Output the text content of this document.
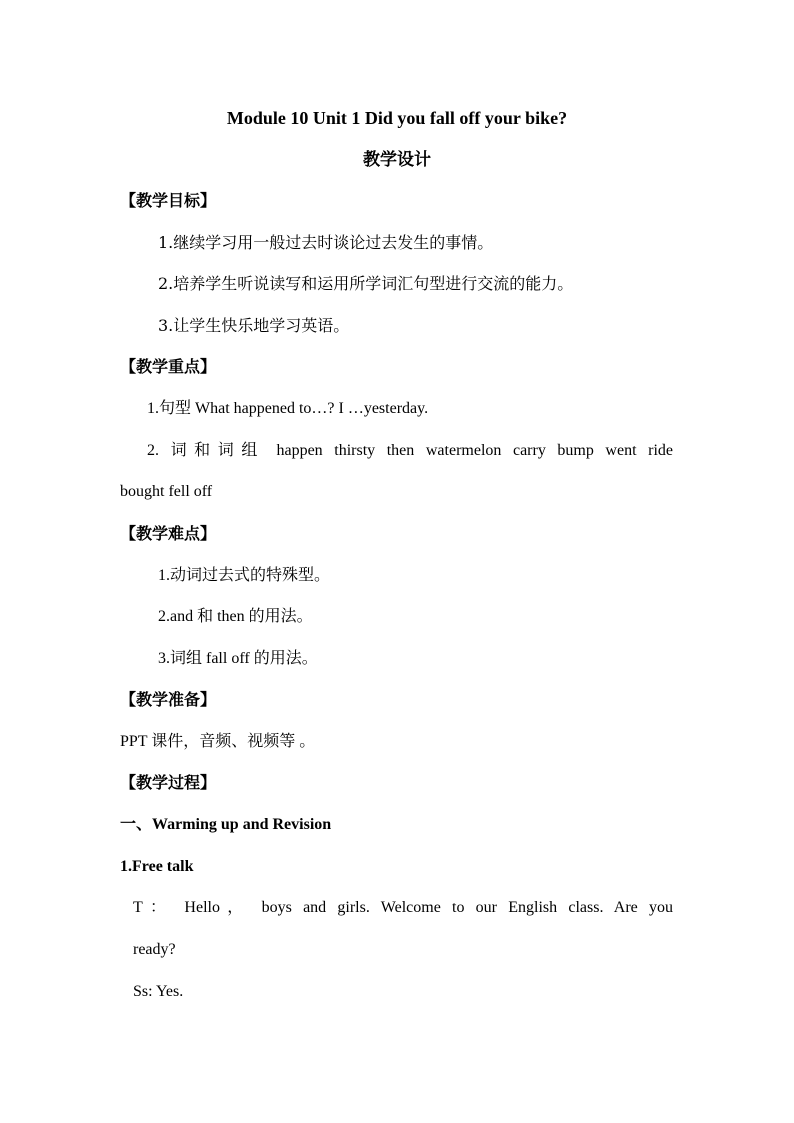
Module 10 Unit 1 Did you fall off your bike?
教学设计
【教学目标】
1.继续学习用一般过去时谈论过去发生的事情。
2.培养学生听说读写和运用所学词汇句型进行交流的能力。
3.让学生快乐地学习英语。
【教学重点】
1.句型 What happened to…? I …yesterday.
2. 词和词组 happen thirsty then watermelon carry bump went ride
bought fell off
【教学难点】
1.动词过去式的特殊型。
2.and 和 then 的用法。
3.词组 fall off 的用法。
【教学准备】
PPT 课件，音频、视频等 。
【教学过程】
一、Warming up and Revision
1.Free talk
T： Hello， boys and girls. Welcome to our English class. Are you
ready?
Ss: Yes.
